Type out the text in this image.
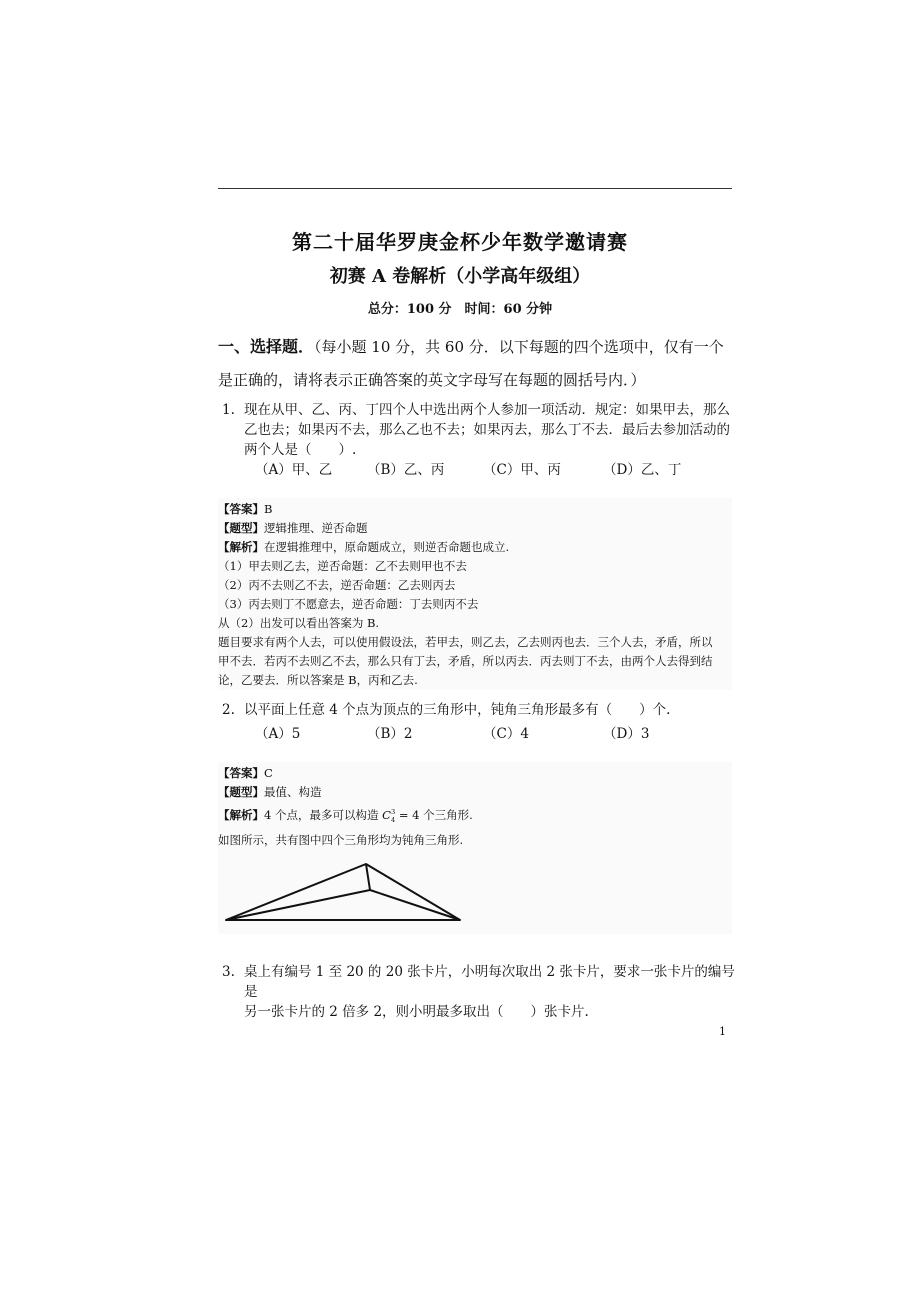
第二十届华罗庚金杯少年数学邀请赛
初赛 A 卷解析（小学高年级组）
总分：100 分　时间：60 分钟
一、选择题．（每小题 10 分，共 60 分．以下每题的四个选项中，仅有一个
是正确的，请将表示正确答案的英文字母写在每题的圆括号内．）
1. 现在从甲、乙、丙、丁四个人中选出两个人参加一项活动．规定：如果甲去，那么
乙也去；如果丙不去，那么乙也不去；如果丙去，那么丁不去．最后去参加活动的
两个人是（　　）.
（A）甲、乙	（B）乙、丙	（C）甲、丙	（D）乙、丁

【答案】B

【题型】逻辑推理、逆否命题

【解析】在逻辑推理中，原命题成立，则逆否命题也成立.

（1）甲去则乙去，逆否命题：乙不去则甲也不去

（2）丙不去则乙不去，逆否命题：乙去则丙去

（3）丙去则丁不愿意去，逆否命题：丁去则丙不去

从（2）出发可以看出答案为 B.

题目要求有两个人去，可以使用假设法，若甲去，则乙去，乙去则丙也去．三个人去，矛盾，所以

甲不去．若丙不去则乙不去，那么只有丁去，矛盾，所以丙去．丙去则丁不去，由两个人去得到结

论，乙要去．所以答案是 B，丙和乙去.

2. 以平面上任意 4 个点为顶点的三角形中，钝角三角形最多有（　　）个.
（A）5	（B）2	（C）4	（D）3

【答案】C

【题型】最值、构造

【解析】4 个点，最多可以构造 C 3
4 = 4 个三角形.

如图所示，共有图中四个三角形均为钝角三角形.

3. 桌上有编号 1 至 20 的 20 张卡片，小明每次取出 2 张卡片，要求一张卡片的编号是
另一张卡片的 2 倍多 2，则小明最多取出（　　）张卡片.
1
